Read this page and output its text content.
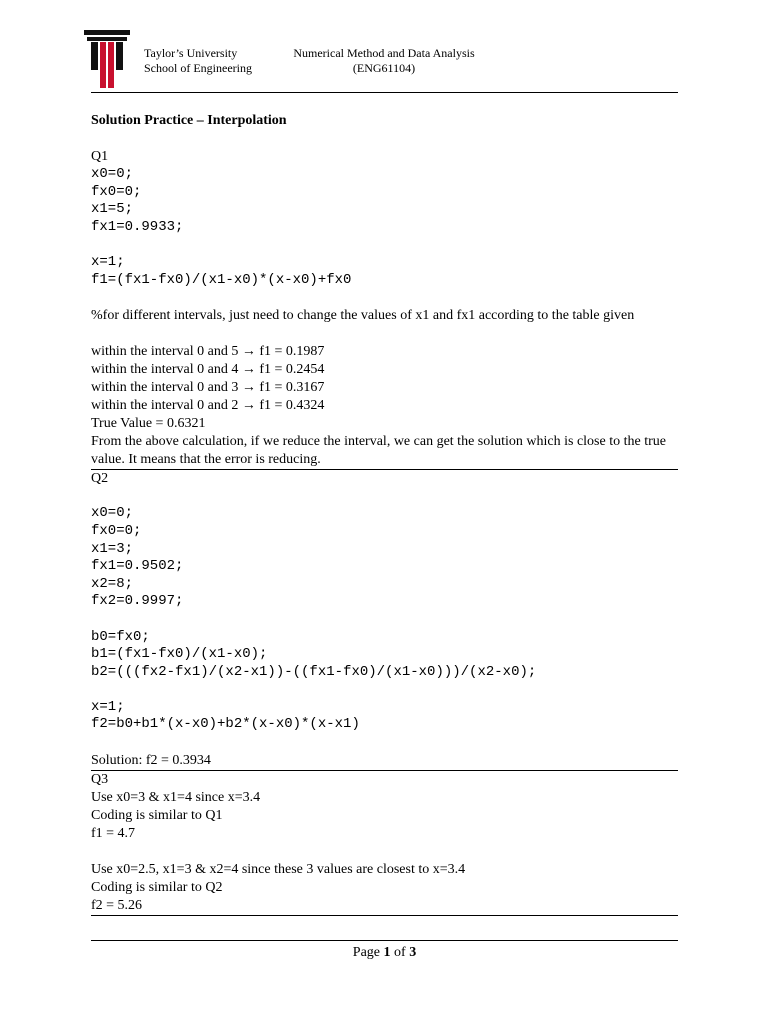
Taylor’s University
School of Engineering
Numerical Method and Data Analysis
(ENG61104)
Solution Practice – Interpolation
Q1
x0=0;
fx0=0;
x1=5;
fx1=0.9933;
x=1;
f1=(fx1-fx0)/(x1-x0)*(x-x0)+fx0
%for different intervals, just need to change the values of x1 and fx1 according to the table given
within the interval 0 and 5 → f1 = 0.1987
within the interval 0 and 4 → f1 = 0.2454
within the interval 0 and 3 → f1 = 0.3167
within the interval 0 and 2 → f1 = 0.4324
True Value = 0.6321
From the above calculation, if we reduce the interval, we can get the solution which is close to the true value. It means that the error is reducing.
Q2
x0=0;
fx0=0;
x1=3;
fx1=0.9502;
x2=8;
fx2=0.9997;
b0=fx0;
b1=(fx1-fx0)/(x1-x0);
b2=(((fx2-fx1)/(x2-x1))-((fx1-fx0)/(x1-x0)))/(x2-x0);
x=1;
f2=b0+b1*(x-x0)+b2*(x-x0)*(x-x1)
Solution: f2 = 0.3934
Q3
Use x0=3 & x1=4 since x=3.4
Coding is similar to Q1
f1 = 4.7
Use x0=2.5, x1=3 & x2=4 since these 3 values are closest to x=3.4
Coding is similar to Q2
f2 = 5.26
Page 1 of 3
